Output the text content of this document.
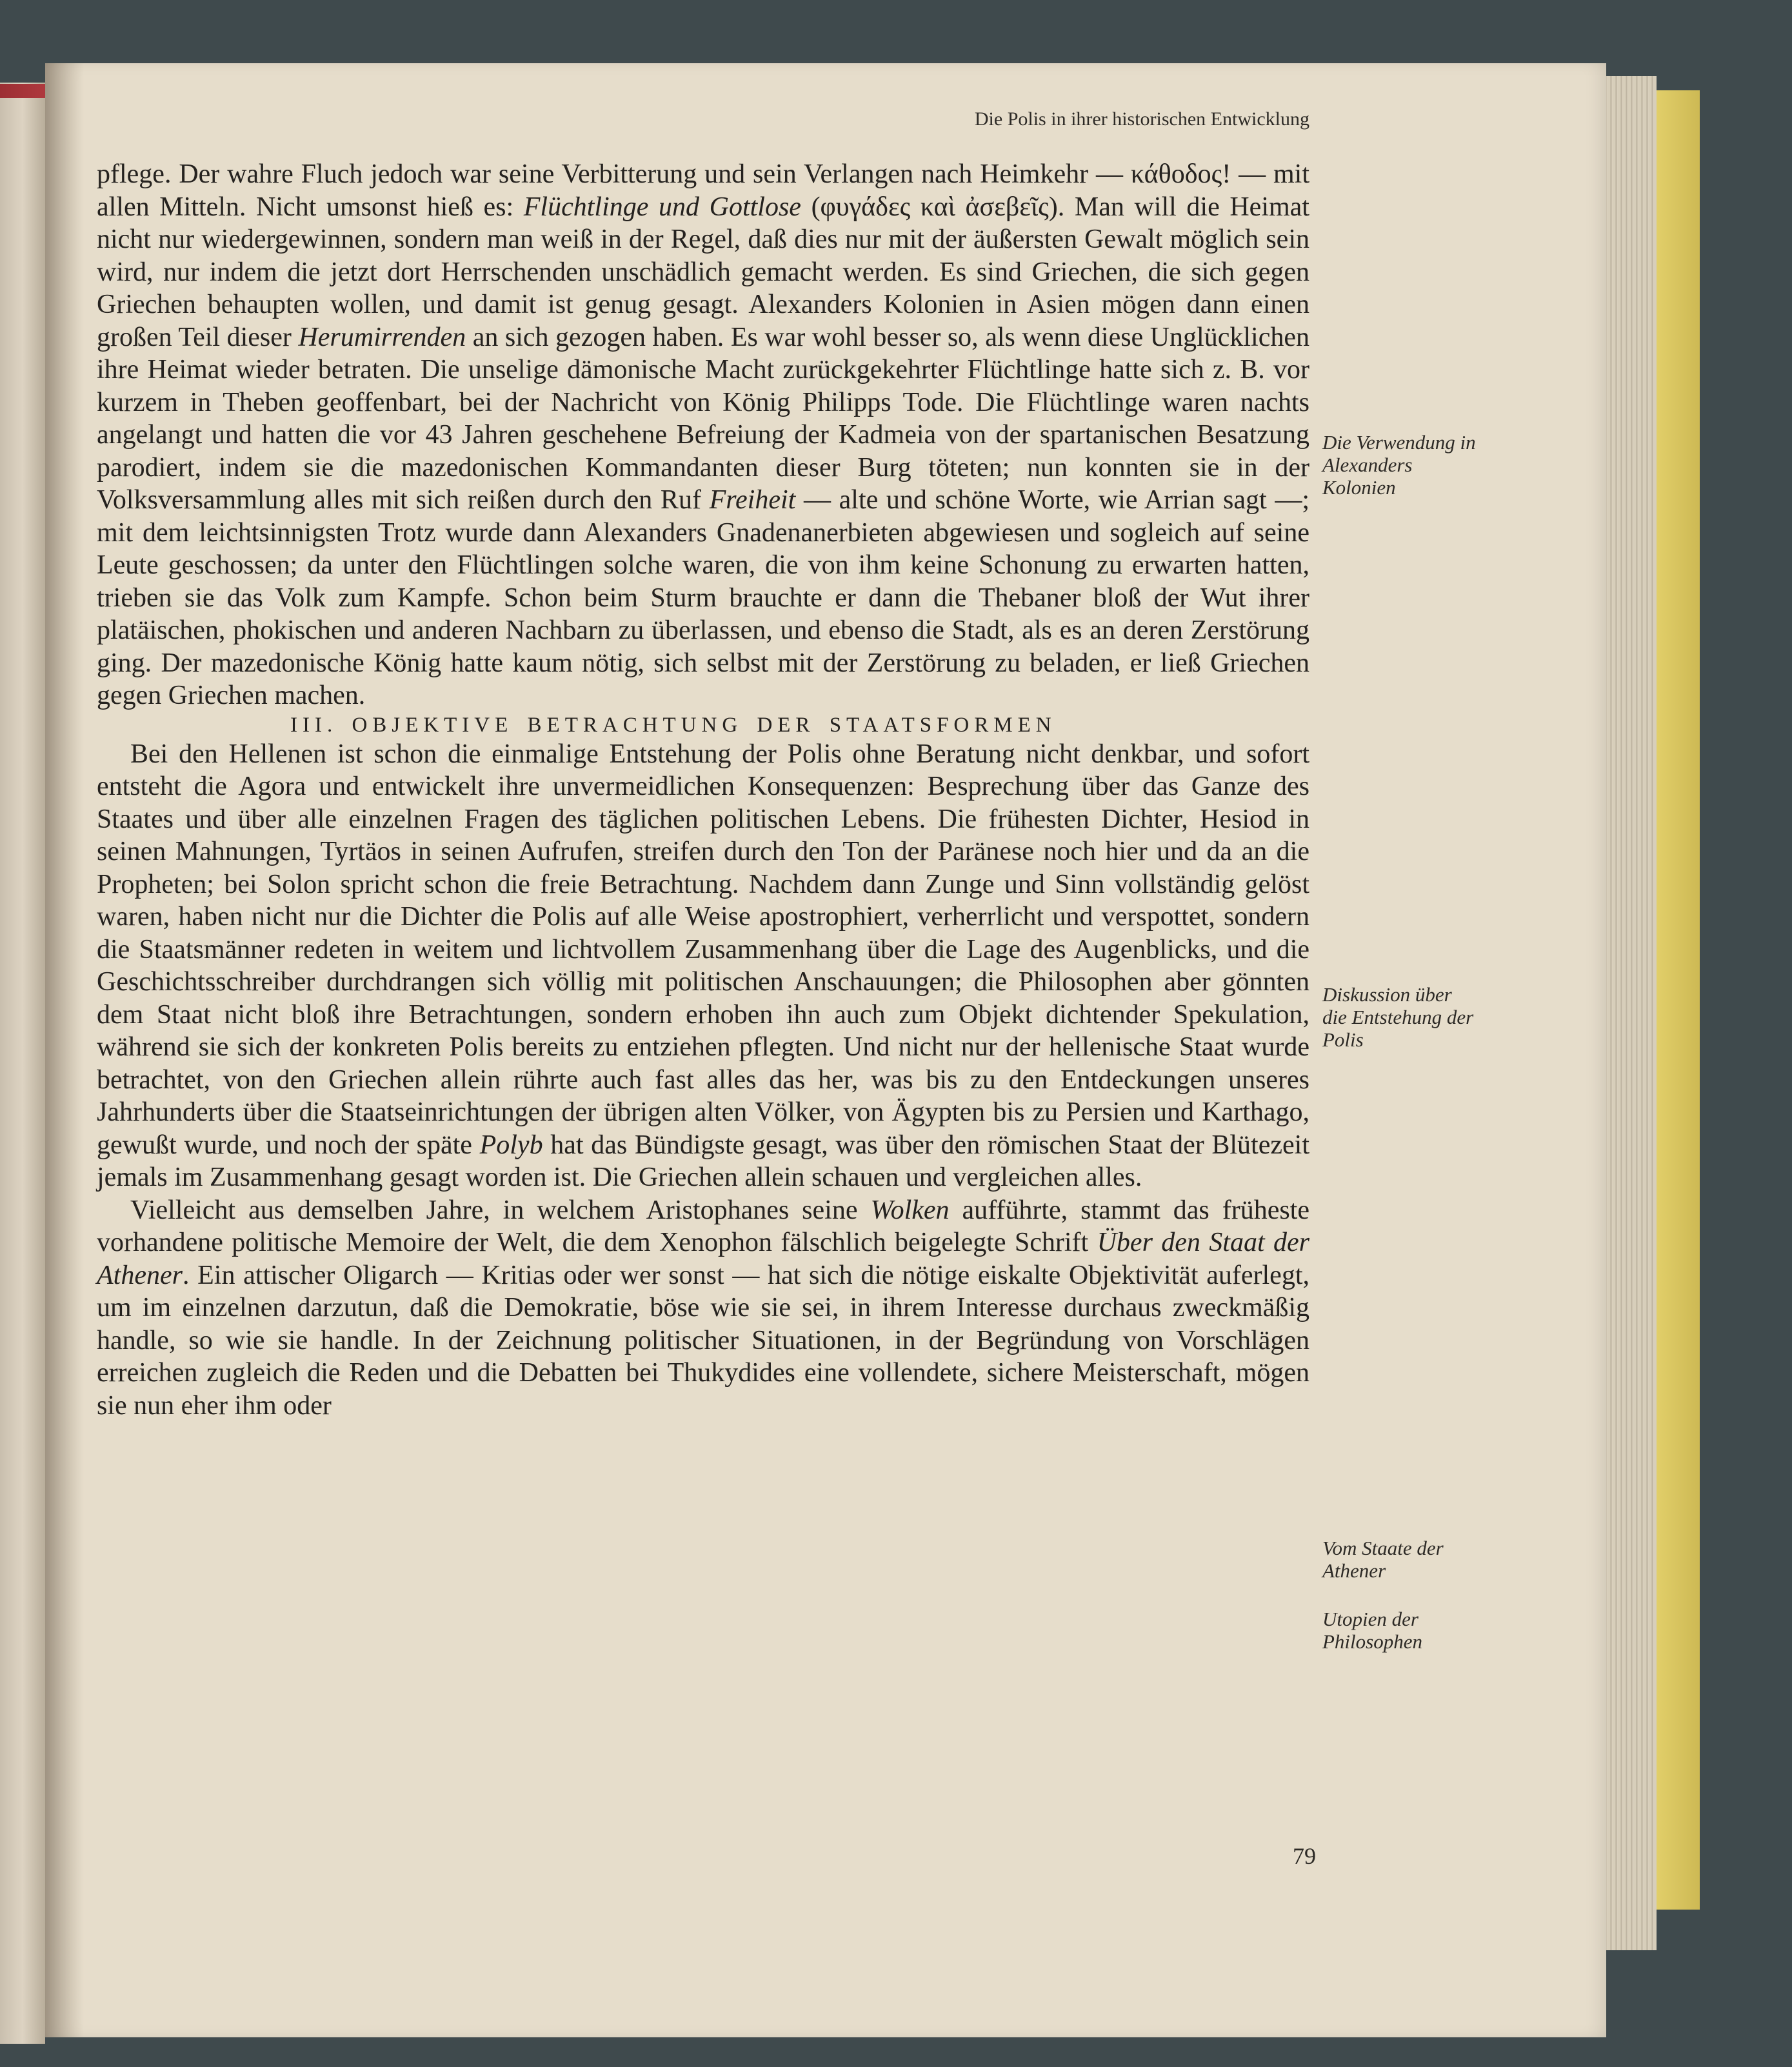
Die Polis in ihrer historischen Entwicklung

pflege. Der wahre Fluch jedoch war seine Verbitterung und sein Verlangen nach Heimkehr — κάθοδος! — mit allen Mitteln. Nicht umsonst hieß es: Flüchtlinge und Gottlose (φυγάδες καὶ ἀσεβεῖς). Man will die Heimat nicht nur wiedergewinnen, sondern man weiß in der Regel, daß dies nur mit der äußersten Gewalt möglich sein wird, nur indem die jetzt dort Herrschenden unschädlich gemacht werden. Es sind Griechen, die sich gegen Griechen behaupten wollen, und damit ist genug gesagt. Alexanders Kolonien in Asien mögen dann einen großen Teil dieser Herumirrenden an sich gezogen haben. Es war wohl besser so, als wenn diese Unglücklichen ihre Heimat wieder betraten. Die unselige dämonische Macht zurückgekehrter Flüchtlinge hatte sich z. B. vor kurzem in Theben geoffenbart, bei der Nachricht von König Philipps Tode. Die Flüchtlinge waren nachts angelangt und hatten die vor 43 Jahren geschehene Befreiung der Kadmeia von der spartanischen Besatzung parodiert, indem sie die mazedonischen Kommandanten dieser Burg töteten; nun konnten sie in der Volksversammlung alles mit sich reißen durch den Ruf Freiheit — alte und schöne Worte, wie Arrian sagt —; mit dem leichtsinnigsten Trotz wurde dann Alexanders Gnadenanerbieten abgewiesen und sogleich auf seine Leute geschossen; da unter den Flüchtlingen solche waren, die von ihm keine Schonung zu erwarten hatten, trieben sie das Volk zum Kampfe. Schon beim Sturm brauchte er dann die Thebaner bloß der Wut ihrer platäischen, phokischen und anderen Nachbarn zu überlassen, und ebenso die Stadt, als es an deren Zerstörung ging. Der mazedonische König hatte kaum nötig, sich selbst mit der Zerstörung zu beladen, er ließ Griechen gegen Griechen machen.

III. OBJEKTIVE BETRACHTUNG DER STAATSFORMEN

Bei den Hellenen ist schon die einmalige Entstehung der Polis ohne Beratung nicht denkbar, und sofort entsteht die Agora und entwickelt ihre unvermeidlichen Konsequenzen: Besprechung über das Ganze des Staates und über alle einzelnen Fragen des täglichen politischen Lebens. Die frühesten Dichter, Hesiod in seinen Mahnungen, Tyrtäos in seinen Aufrufen, streifen durch den Ton der Paränese noch hier und da an die Propheten; bei Solon spricht schon die freie Betrachtung. Nachdem dann Zunge und Sinn vollständig gelöst waren, haben nicht nur die Dichter die Polis auf alle Weise apostrophiert, verherrlicht und verspottet, sondern die Staatsmänner redeten in weitem und lichtvollem Zusammenhang über die Lage des Augenblicks, und die Geschichtsschreiber durchdrangen sich völlig mit politischen Anschauungen; die Philosophen aber gönnten dem Staat nicht bloß ihre Betrachtungen, sondern erhoben ihn auch zum Objekt dichtender Spekulation, während sie sich der konkreten Polis bereits zu entziehen pflegten. Und nicht nur der hellenische Staat wurde betrachtet, von den Griechen allein rührte auch fast alles das her, was bis zu den Entdeckungen unseres Jahrhunderts über die Staatseinrichtungen der übrigen alten Völker, von Ägypten bis zu Persien und Karthago, gewußt wurde, und noch der späte Polyb hat das Bündigste gesagt, was über den römischen Staat der Blütezeit jemals im Zusammenhang gesagt worden ist. Die Griechen allein schauen und vergleichen alles.

Vielleicht aus demselben Jahre, in welchem Aristophanes seine Wolken aufführte, stammt das früheste vorhandene politische Memoire der Welt, die dem Xenophon fälschlich beigelegte Schrift Über den Staat der Athener. Ein attischer Oligarch — Kritias oder wer sonst — hat sich die nötige eiskalte Objektivität auferlegt, um im einzelnen darzutun, daß die Demokratie, böse wie sie sei, in ihrem Interesse durchaus zweckmäßig handle, so wie sie handle. In der Zeichnung politischer Situationen, in der Begründung von Vorschlägen erreichen zugleich die Reden und die Debatten bei Thukydides eine vollendete, sichere Meisterschaft, mögen sie nun eher ihm oder

Die Verwendung in Alexanders Kolonien
Diskussion über die Entstehung der Polis
Vom Staate der Athener
Utopien der Philosophen
79
